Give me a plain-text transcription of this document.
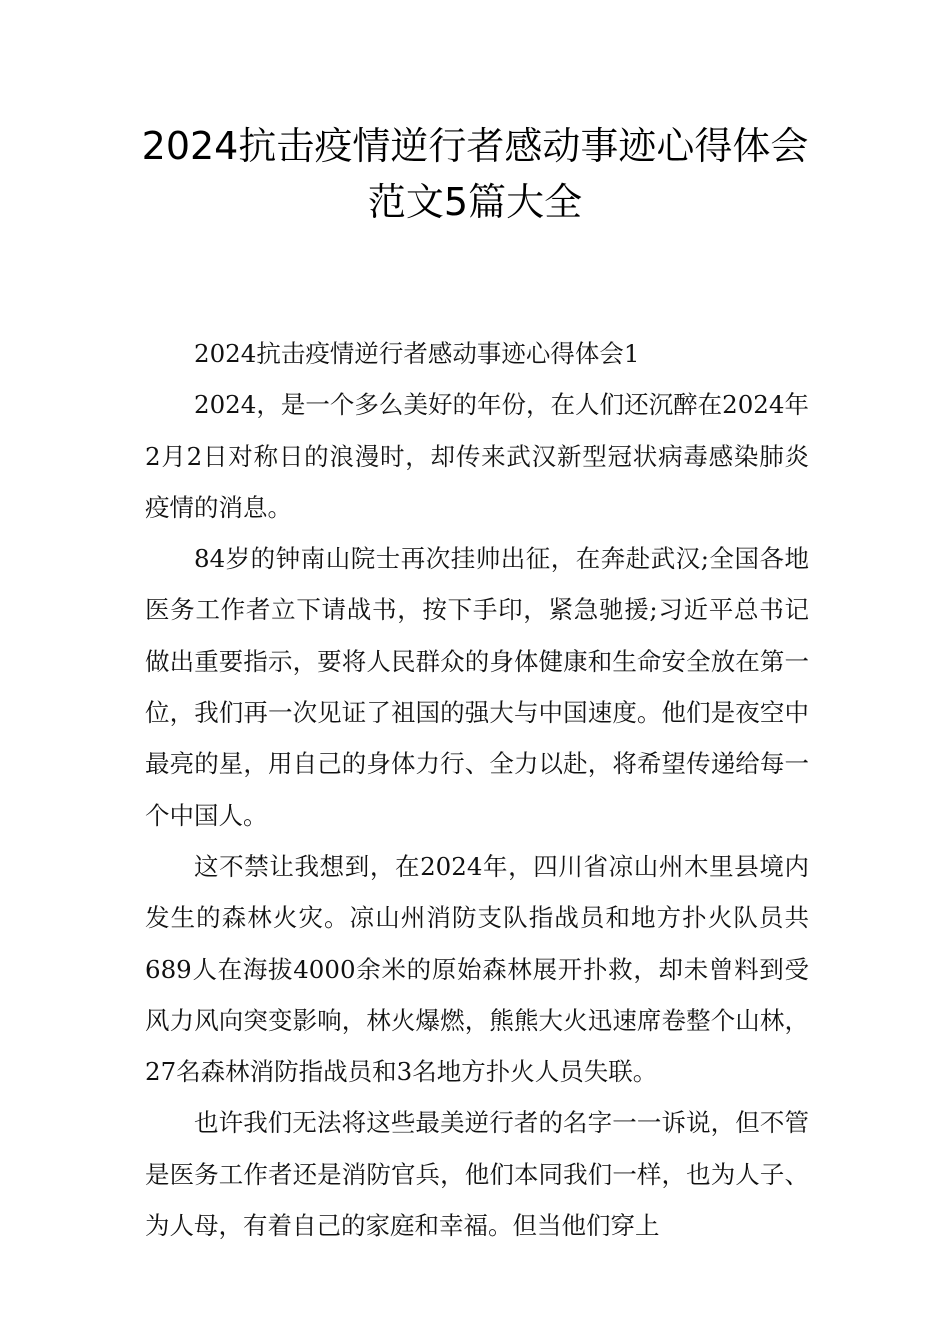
2024抗击疫情逆行者感动事迹心得体会
范文5篇大全

2024抗击疫情逆行者感动事迹心得体会1

2024，是一个多么美好的年份，在人们还沉醉在2024年2月2日对称日的浪漫时，却传来武汉新型冠状病毒感染肺炎疫情的消息。

84岁的钟南山院士再次挂帅出征，在奔赴武汉;全国各地医务工作者立下请战书，按下手印，紧急驰援;习近平总书记做出重要指示，要将人民群众的身体健康和生命安全放在第一位，我们再一次见证了祖国的强大与中国速度。他们是夜空中最亮的星，用自己的身体力行、全力以赴，将希望传递给每一个中国人。

这不禁让我想到，在2024年，四川省凉山州木里县境内发生的森林火灾。凉山州消防支队指战员和地方扑火队员共689人在海拔4000余米的原始森林展开扑救，却未曾料到受风力风向突变影响，林火爆燃，熊熊大火迅速席卷整个山林，27名森林消防指战员和3名地方扑火人员失联。

也许我们无法将这些最美逆行者的名字一一诉说，但不管是医务工作者还是消防官兵，他们本同我们一样，也为人子、为人母，有着自己的家庭和幸福。但当他们穿上
